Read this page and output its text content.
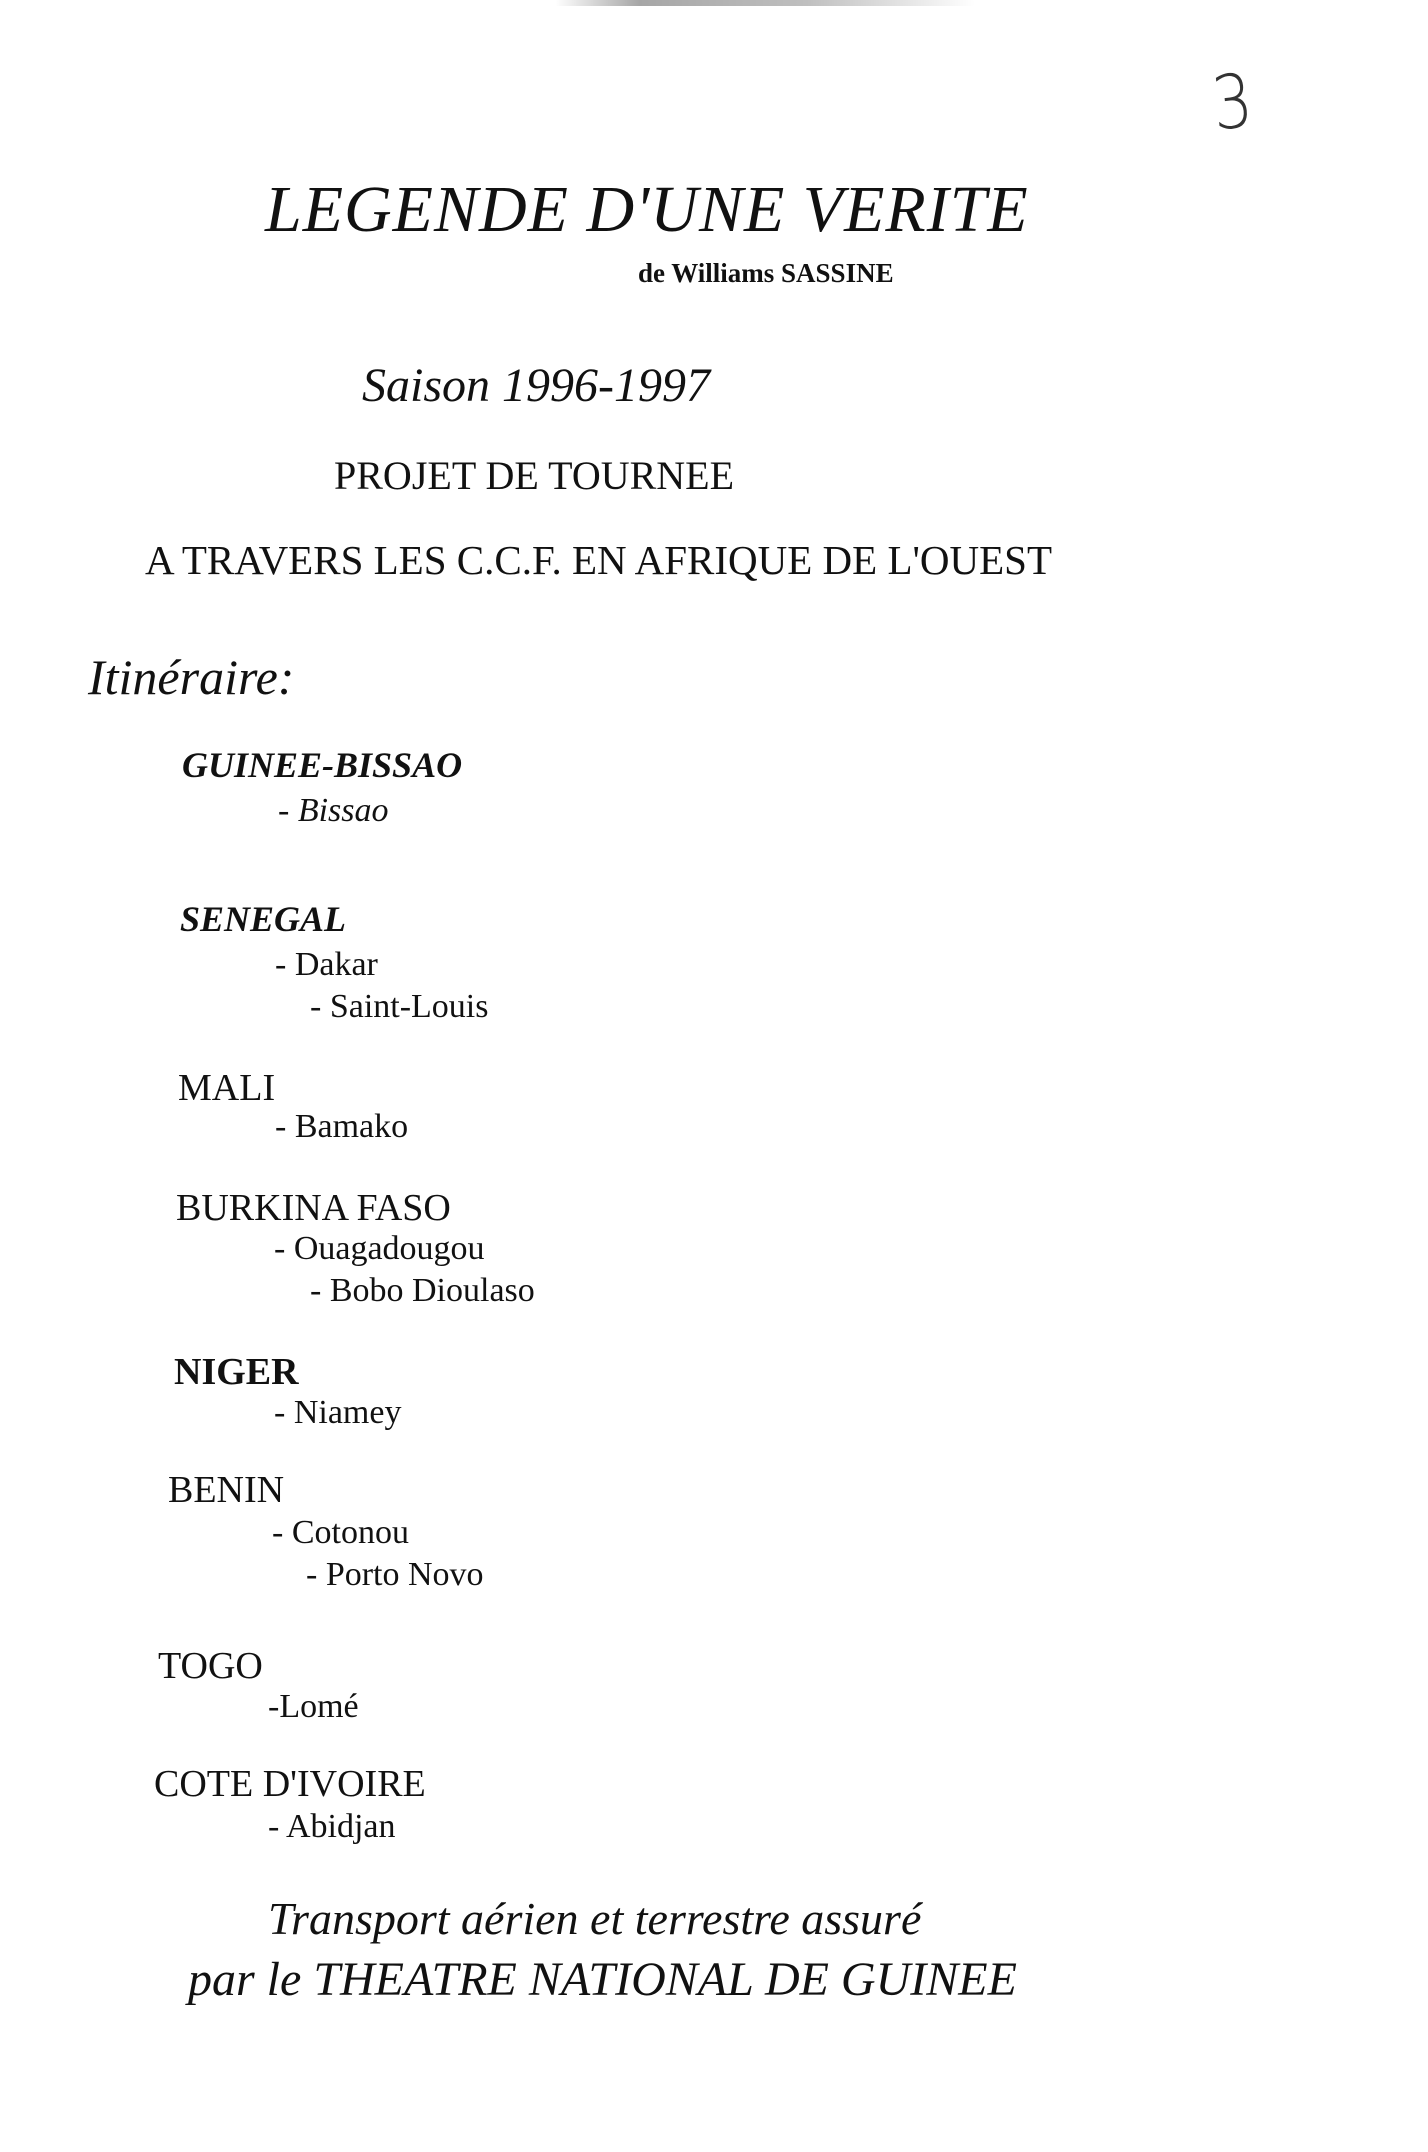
3
LEGENDE D'UNE VERITE
de Williams SASSINE
Saison 1996-1997
PROJET DE TOURNEE
A TRAVERS LES C.C.F. EN AFRIQUE DE L'OUEST
Itinéraire:
GUINEE-BISSAO
- Bissao
SENEGAL
- Dakar
- Saint-Louis
MALI
- Bamako
BURKINA FASO
- Ouagadougou
- Bobo Dioulaso
NIGER
- Niamey
BENIN
- Cotonou
- Porto Novo
TOGO
-Lomé
COTE D'IVOIRE
- Abidjan
Transport aérien et terrestre assuré
par le THEATRE NATIONAL DE GUINEE
